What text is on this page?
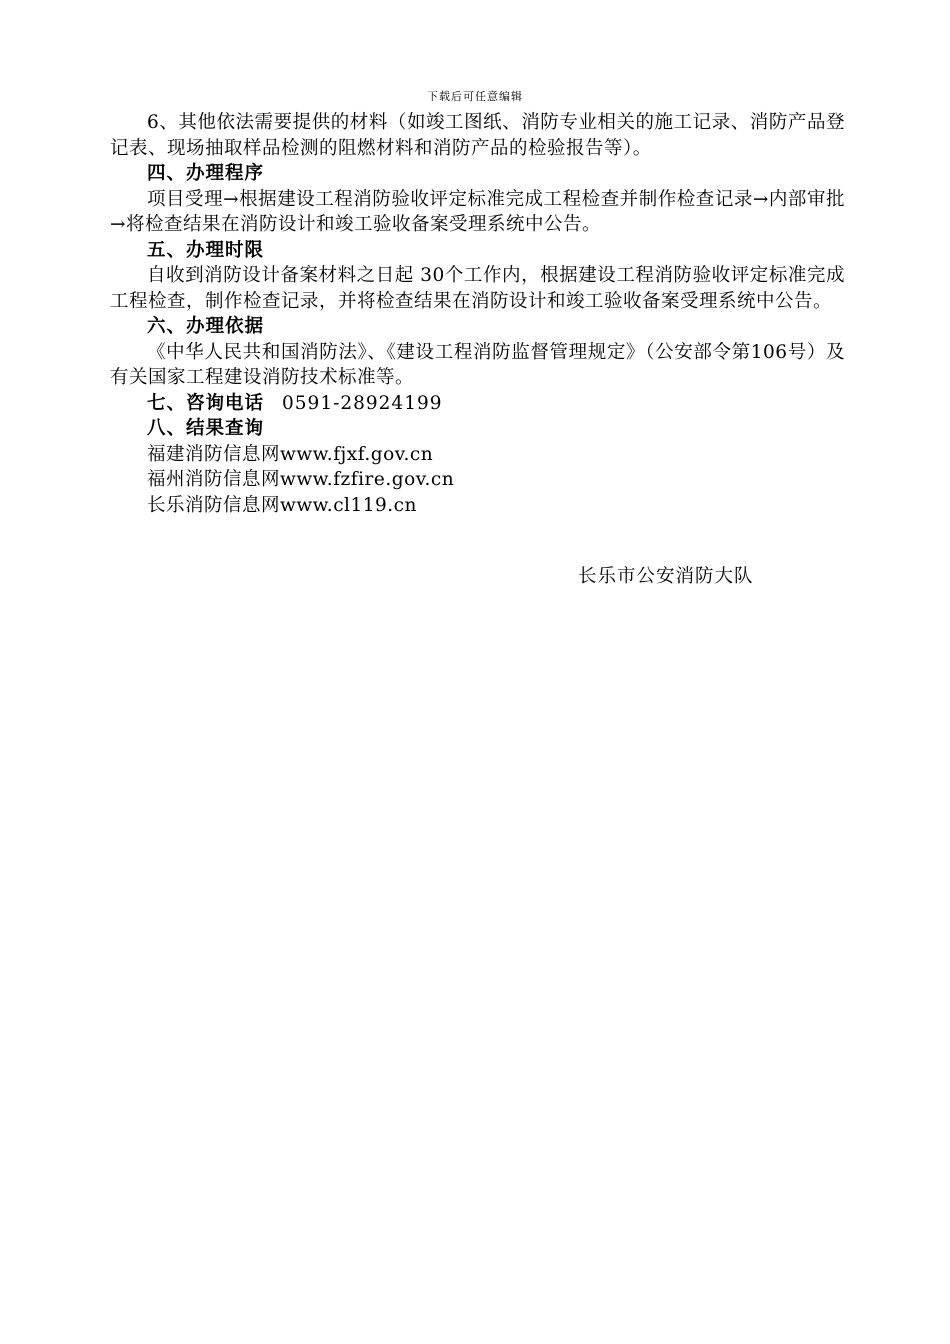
下载后可任意编辑

6、其他依法需要提供的材料（如竣工图纸、消防专业相关的施工记录、消防产品登记表、现场抽取样品检测的阻燃材料和消防产品的检验报告等）。

四、办理程序

项目受理→根据建设工程消防验收评定标准完成工程检查并制作检查记录→内部审批→将检查结果在消防设计和竣工验收备案受理系统中公告。

五、办理时限

自收到消防设计备案材料之日起 30个工作内，根据建设工程消防验收评定标准完成工程检查，制作检查记录，并将检查结果在消防设计和竣工验收备案受理系统中公告。

六、办理依据

《中华人民共和国消防法》、《建设工程消防监督管理规定》（公安部令第106号）及有关国家工程建设消防技术标准等。

七、咨询电话 0591-28924199

八、结果查询

福建消防信息网www.fjxf.gov.cn

福州消防信息网www.fzfire.gov.cn

长乐消防信息网www.cl119.cn

长乐市公安消防大队
